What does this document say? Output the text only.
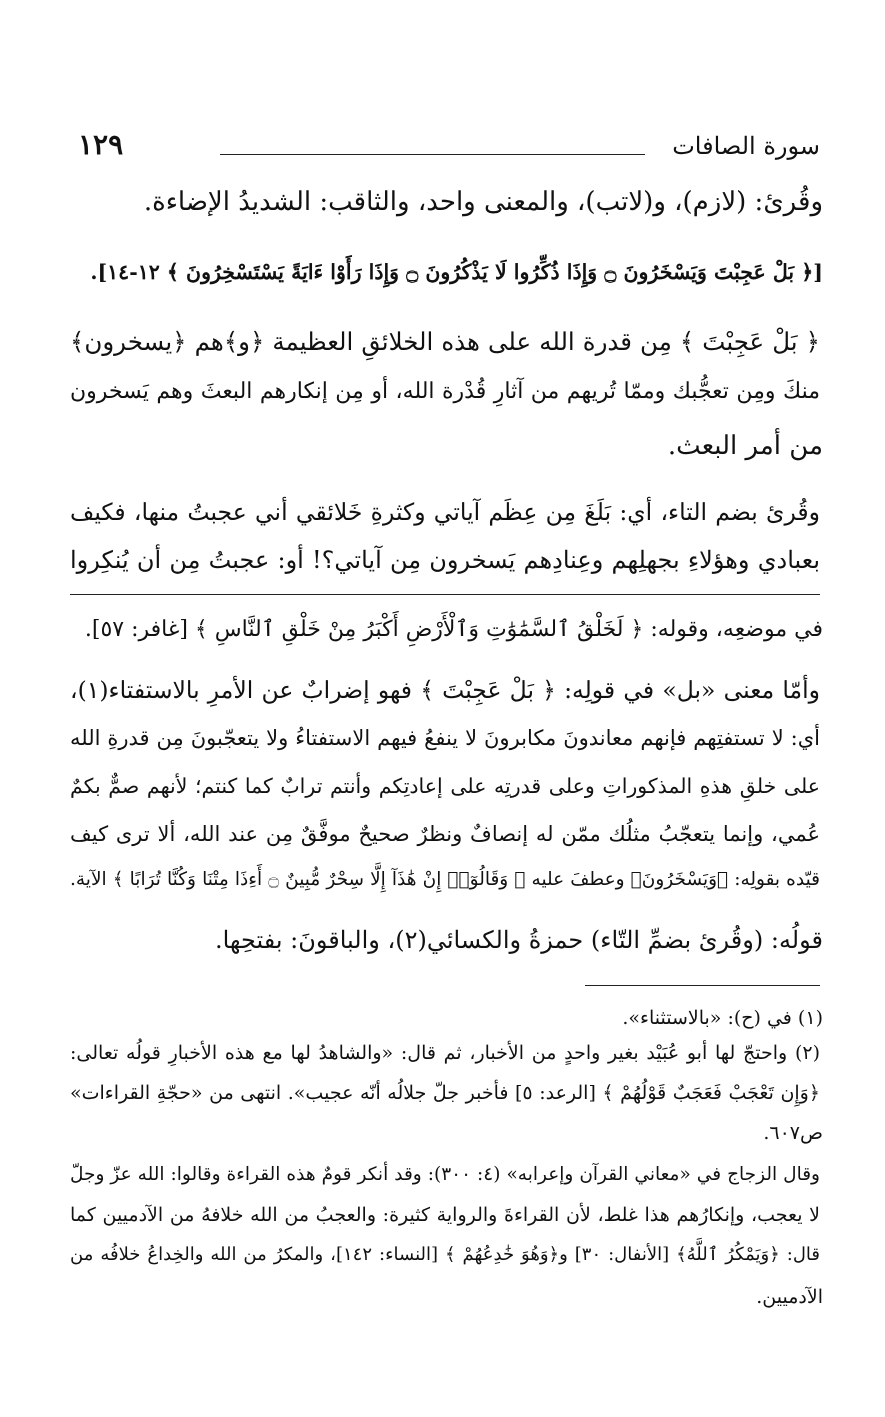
١٢٩	سورة الصافات
وقُرئ: (لازم)، و(لاتب)، والمعنى واحد، والثاقب: الشديدُ الإضاءة.
[﴿ بَلْ عَجِبْتَ وَيَسْخَرُونَ ۝ وَإِذَا ذُكِّرُوا لَا يَذْكُرُونَ ۝ وَإِذَا رَأَوْا ءَايَةً يَسْتَسْخِرُونَ ﴾ ١٢-١٤].
﴿ بَلْ عَجِبْتَ ﴾ مِن قدرة الله على هذه الخلائقِ العظيمة ﴿و﴾هم ﴿يسخرون﴾
منكَ ومِن تعجُّبك وممّا تُريهم من آثارِ قُدْرة الله، أو مِن إنكارهم البعثَ وهم يَسخرون
من أمر البعث.
وقُرئ بضم التاء، أي: بَلَغَ مِن عِظَم آياتي وكثرةِ خَلائقي أني عجبتُ منها، فكيف
بعبادي وهؤلاءِ بجهلِهم وعِنادِهم يَسخرون مِن آياتي؟! أو: عجبتُ مِن أن يُنكِروا
في موضعِه، وقوله: ﴿ لَخَلْقُ ٱلسَّمَٰوَٰتِ وَٱلْأَرْضِ أَكْبَرُ مِنْ خَلْقِ ٱلنَّاسِ ﴾ [غافر: ٥٧].
وأمّا معنى «بل» في قولِه: ﴿ بَلْ عَجِبْتَ ﴾ فهو إضرابٌ عن الأمرِ بالاستفتاء(١)،
أي: لا تستفتِهم فإنهم معاندونَ مكابرونَ لا ينفعُ فيهم الاستفتاءُ ولا يتعجّبونَ مِن قدرةِ الله
على خلقِ هذهِ المذكوراتِ وعلى قدرتِه على إعادتِكم وأنتم ترابٌ كما كنتم؛ لأنهم صمٌّ بكمٌ
عُمي، وإنما يتعجّبُ مثلُك ممّن له إنصافٌ ونظرٌ صحيحٌ موفَّقٌ مِن عند الله، ألا ترى كيف
قيّده بقولِه: ﴿وَيَسْخَرُونَ﴾ وعطفَ عليه ﴿ وَقَالُوٓا۟ إِنْ هَٰذَآ إِلَّا سِحْرٌ مُّبِينٌ ۝ أَءِذَا مِتْنَا وَكُنَّا تُرَابًا ﴾ الآية.
قولُه: (وقُرئ بضمِّ التّاء) حمزةُ والكسائي(٢)، والباقونَ: بفتحِها.
(١) في (ح): «بالاستثناء».
(٢) واحتجّ لها أبو عُبَيْد بغير واحدٍ من الأخبار، ثم قال: «والشاهدُ لها مع هذه الأخبارِ قولُه تعالى:
﴿وَإِن تَعْجَبْ فَعَجَبٌ قَوْلُهُمْ ﴾ [الرعد: ٥] فأخبر جلّ جلالُه أنّه عجيب». انتهى من «حجّةِ القراءات»
ص٦٠٧.
وقال الزجاج في «معاني القرآن وإعرابه» (٤: ٣٠٠): وقد أنكر قومٌ هذه القراءة وقالوا: الله عزّ وجلّ
لا يعجب، وإنكارُهم هذا غلط، لأن القراءةَ والرواية كثيرة: والعجبُ من الله خلافهُ من الآدميين كما
قال: ﴿وَيَمْكُرُ ٱللَّهُ﴾ [الأنفال: ٣٠] و﴿وَهُوَ خَٰدِعُهُمْ ﴾ [النساء: ١٤٢]، والمكرُ من الله والخِداعُ خلافُه من
الآدميين.
